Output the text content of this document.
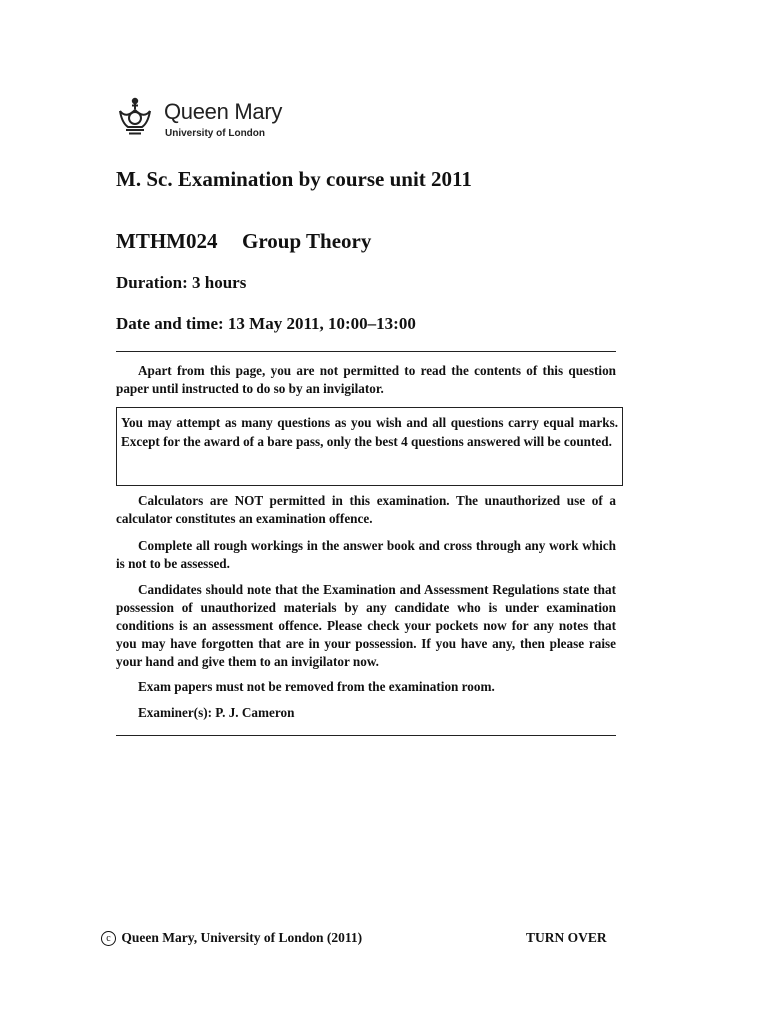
Queen Mary
University of London
M. Sc. Examination by course unit 2011
MTHM024 Group Theory
Duration: 3 hours
Date and time: 13 May 2011, 10:00–13:00

Apart from this page, you are not permitted to read the contents of this question paper until instructed to do so by an invigilator.

You may attempt as many questions as you wish and all questions carry equal marks. Except for the award of a bare pass, only the best 4 questions answered will be counted.

Calculators are NOT permitted in this examination. The unauthorized use of a calculator constitutes an examination offence.

Complete all rough workings in the answer book and cross through any work which is not to be assessed.

Candidates should note that the Examination and Assessment Regulations state that possession of unauthorized materials by any candidate who is under examination conditions is an assessment offence. Please check your pockets now for any notes that you may have forgotten that are in your possession. If you have any, then please raise your hand and give them to an invigilator now.

Exam papers must not be removed from the examination room.

Examiner(s): P. J. Cameron

c Queen Mary, University of London (2011)	TURN OVER
